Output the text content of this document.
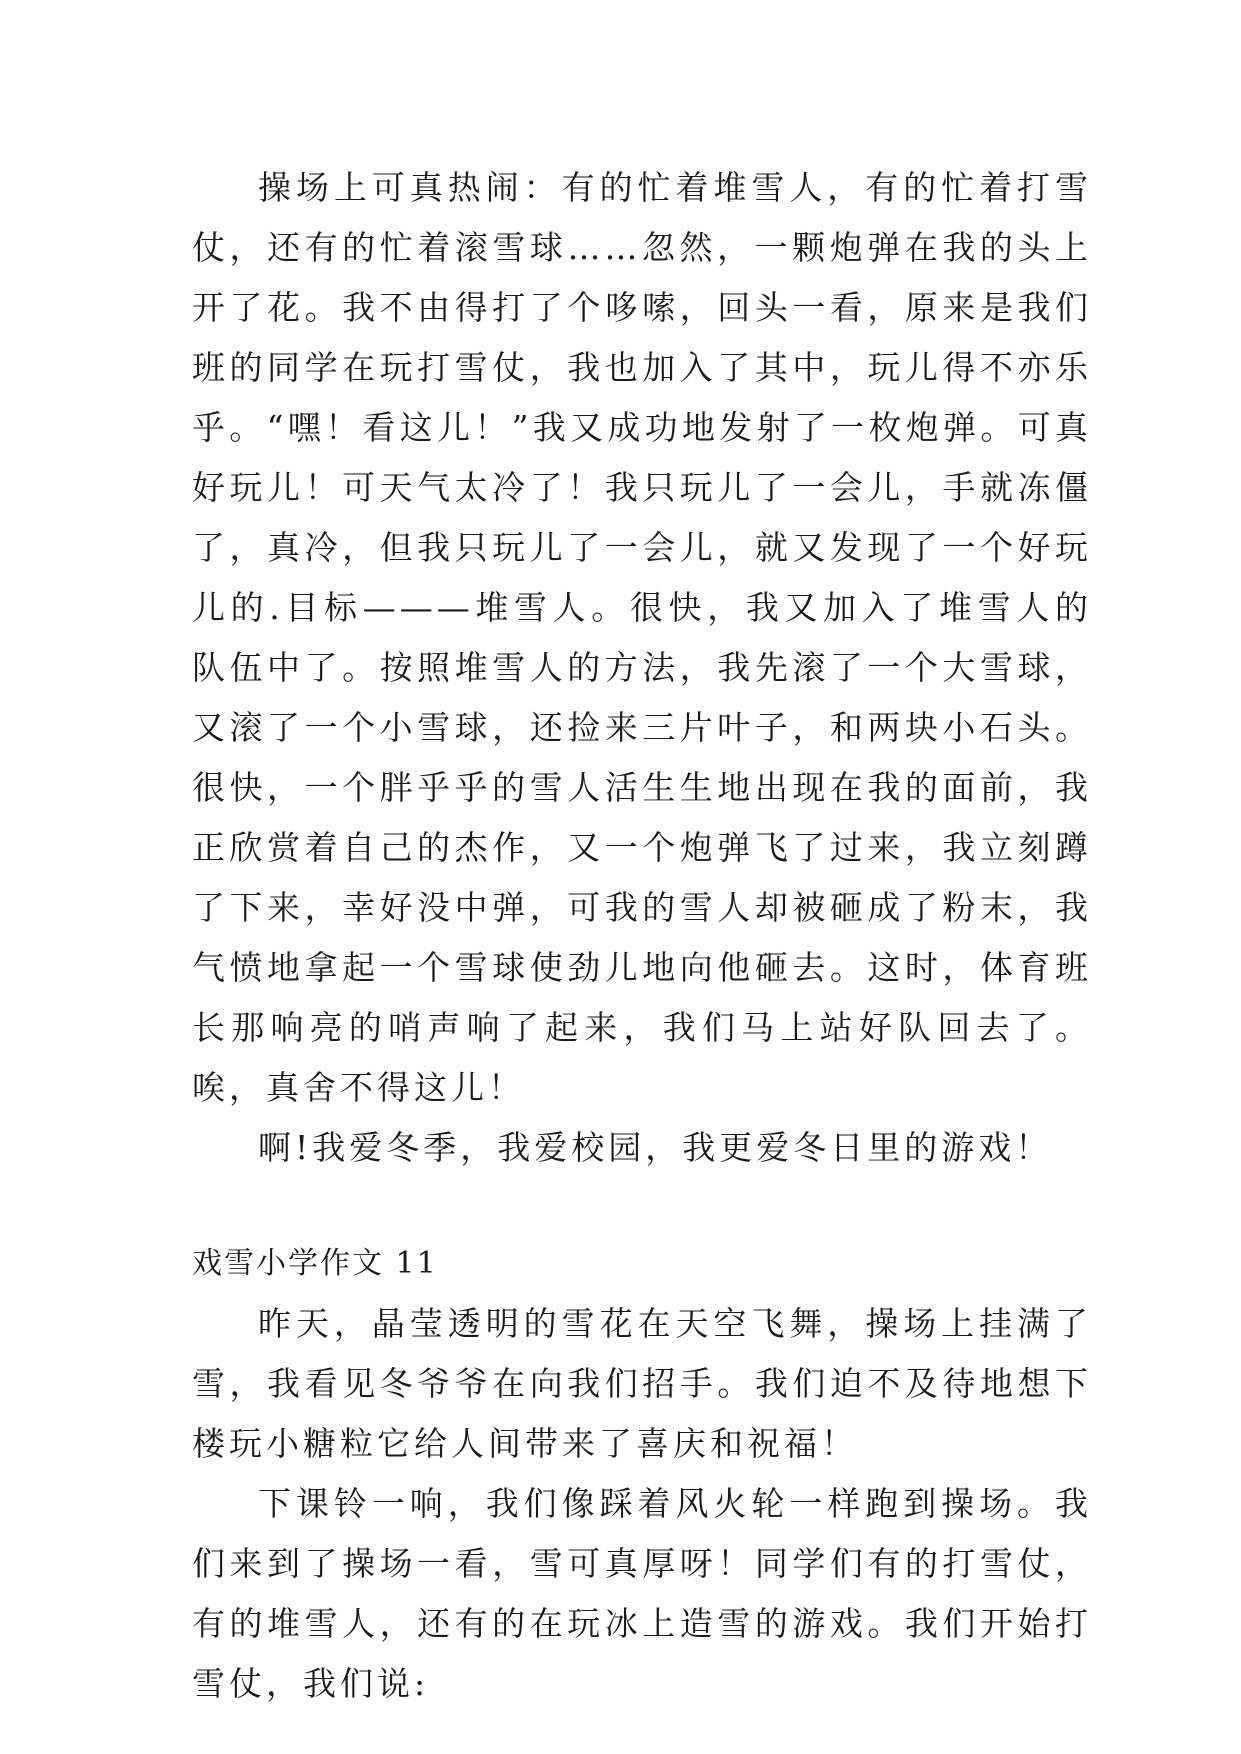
操场上可真热闹：有的忙着堆雪人，有的忙着打雪仗，还有的忙着滚雪球……忽然，一颗炮弹在我的头上开了花。我不由得打了个哆嗦，回头一看，原来是我们班的同学在玩打雪仗，我也加入了其中，玩儿得不亦乐乎。“嘿！看这儿！”我又成功地发射了一枚炮弹。可真好玩儿！可天气太冷了！我只玩儿了一会儿，手就冻僵了，真冷，但我只玩儿了一会儿，就又发现了一个好玩儿的.目标———堆雪人。很快，我又加入了堆雪人的队伍中了。按照堆雪人的方法，我先滚了一个大雪球，又滚了一个小雪球，还捡来三片叶子，和两块小石头。很快，一个胖乎乎的雪人活生生地出现在我的面前，我正欣赏着自己的杰作，又一个炮弹飞了过来，我立刻蹲了下来，幸好没中弹，可我的雪人却被砸成了粉末，我气愤地拿起一个雪球使劲儿地向他砸去。这时，体育班长那响亮的哨声响了起来，我们马上站好队回去了。唉，真舍不得这儿！

啊!我爱冬季，我爱校园，我更爱冬日里的游戏！

戏雪小学作文 11

昨天，晶莹透明的雪花在天空飞舞，操场上挂满了雪，我看见冬爷爷在向我们招手。我们迫不及待地想下楼玩小糖粒它给人间带来了喜庆和祝福！

下课铃一响，我们像踩着风火轮一样跑到操场。我们来到了操场一看，雪可真厚呀！同学们有的打雪仗，有的堆雪人，还有的在玩冰上造雪的游戏。我们开始打雪仗，我们说:
